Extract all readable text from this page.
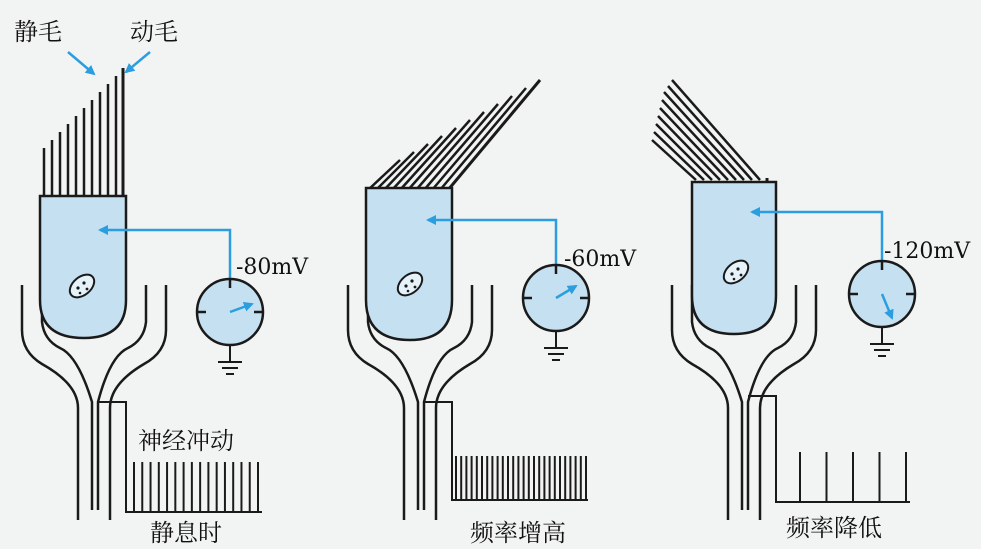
-80mV
神经冲动
静息时
静毛	动毛
-60mV
频率增高
-120mV
频率降低
